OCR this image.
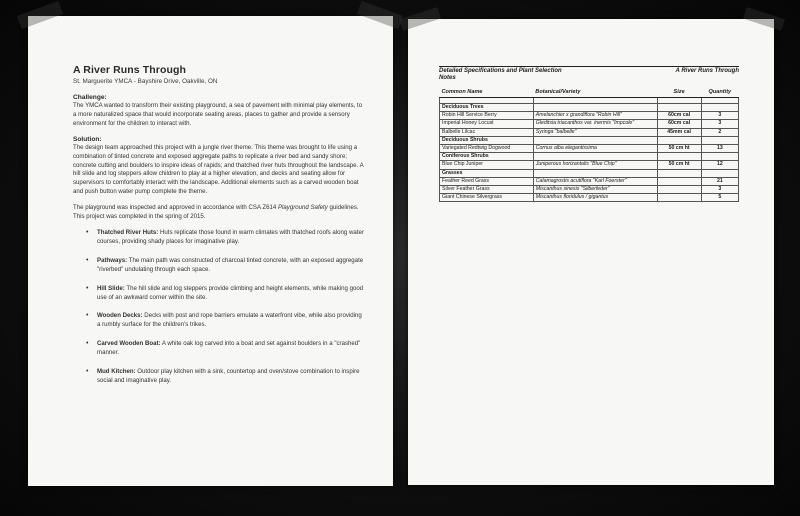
A River Runs Through
St. Marguerite YMCA - Bayshire Drive, Oakville, ON
Challenge:
The YMCA wanted to transform their existing playground, a sea of pavement with minimal play elements, to a more naturalized space that would incorporate seating areas, places to gather and provide a sensory environment for the children to interact with.
Solution:
The design team approached this project with a jungle river theme. This theme was brought to life using a combination of tinted concrete and exposed aggregate paths to replicate a river bed and sandy shore; concrete cutting and boulders to inspire ideas of rapids; and thatched river huts throughout the landscape. A hill slide and log steppers allow children to play at a higher elevation, and decks and seating allow for supervisors to comfortably interact with the landscape. Additional elements such as a carved wooden boat and push button water pump complete the theme.
The playground was inspected and approved in accordance with CSA Z614 Playground Safety guidelines. This project was completed in the spring of 2015.
• Thatched River Huts: Huts replicate those found in warm climates with thatched roofs along water courses, providing shady places for imaginative play.
• Pathways: The main path was constructed of charcoal tinted concrete, with an exposed aggregate "riverbed" undulating through each space.
• Hill Slide: The hill slide and log steppers provide climbing and height elements, while making good use of an awkward corner within the site.
• Wooden Decks: Decks with post and rope barriers emulate a waterfront vibe, while also providing a rumbly surface for the children's trikes.
• Carved Wooden Boat: A white oak log carved into a boat and set against boulders in a "crashed" manner.
• Mud Kitchen: Outdoor play kitchen with a sink, countertop and oven/stove combination to inspire social and imaginative play.
Detailed Specifications and Plant Selection
Notes
A River Runs Through
Common Name	Botanical/Variety	Size	Quantity

Deciduous Trees			
Robin Hill Service Berry	Amelanchier x grandiflora "Robin Hill"	60cm cal	3
Imperial Honey Locust	Gleditsia triacanthos var. inermis "Impcole"	60cm cal	3
Balbelle Lilcac	Syringa "balbelle"	45mm cal	2
Deciduous Shrubs			
Variegated Redtwig Dogwood	Cornus alba elegantissima	50 cm ht	13
Coniferous Shrubs			
Blue Chip Juniper	Juniperous horizantalis "Blue Chip"	50 cm ht	12
Grasses			
Feather Reed Grass	Calamagrostis acutiflora "Karl Foerster"		21
Silver Feather Grass	Miscanthus sinesis "Silberfeder"		3
Giant Chinese Silvergrass	Miscanthus floridulus / gigantus		5
